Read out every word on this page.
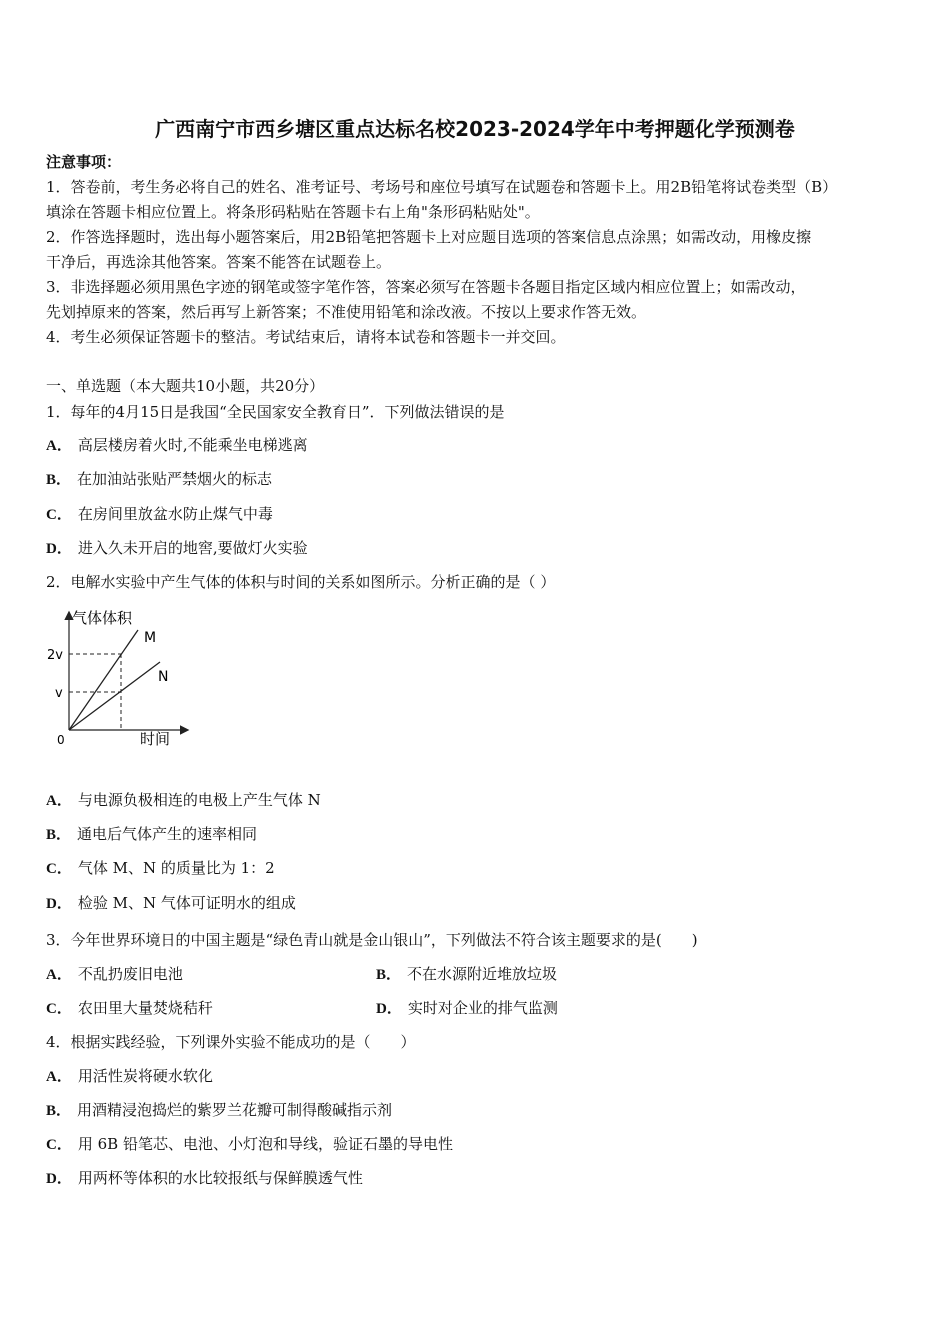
广西南宁市西乡塘区重点达标名校2023-2024学年中考押题化学预测卷
注意事项：
1．答卷前，考生务必将自己的姓名、准考证号、考场号和座位号填写在试题卷和答题卡上。用2B铅笔将试卷类型（B）
填涂在答题卡相应位置上。将条形码粘贴在答题卡右上角"条形码粘贴处"。
2．作答选择题时，选出每小题答案后，用2B铅笔把答题卡上对应题目选项的答案信息点涂黑；如需改动，用橡皮擦
干净后，再选涂其他答案。答案不能答在试题卷上。
3．非选择题必须用黑色字迹的钢笔或签字笔作答，答案必须写在答题卡各题目指定区域内相应位置上；如需改动，
先划掉原来的答案，然后再写上新答案；不准使用铅笔和涂改液。不按以上要求作答无效。
4．考生必须保证答题卡的整洁。考试结束后，请将本试卷和答题卡一并交回。
一、单选题（本大题共10小题，共20分）
1．每年的4月15日是我国“全民国家安全教育日”．下列做法错误的是
A． 高层楼房着火时,不能乘坐电梯逃离
B． 在加油站张贴严禁烟火的标志
C． 在房间里放盆水防止煤气中毒
D． 进入久未开启的地窖,要做灯火实验
2．电解水实验中产生气体的体积与时间的关系如图所示。分析正确的是（ ）
气体体积
时间
0
2v
v
M
N
A． 与电源负极相连的电极上产生气体 N
B． 通电后气体产生的速率相同
C． 气体 M、N 的质量比为 1：2
D． 检验 M、N 气体可证明水的组成
3．今年世界环境日的中国主题是“绿色青山就是金山银山”，下列做法不符合该主题要求的是(　　)
A． 不乱扔废旧电池	B． 不在水源附近堆放垃圾
C． 农田里大量焚烧秸秆	D． 实时对企业的排气监测
4．根据实践经验，下列课外实验不能成功的是（　　）
A． 用活性炭将硬水软化
B． 用酒精浸泡捣烂的紫罗兰花瓣可制得酸碱指示剂
C． 用 6B 铅笔芯、电池、小灯泡和导线，验证石墨的导电性
D． 用两杯等体积的水比较报纸与保鲜膜透气性
